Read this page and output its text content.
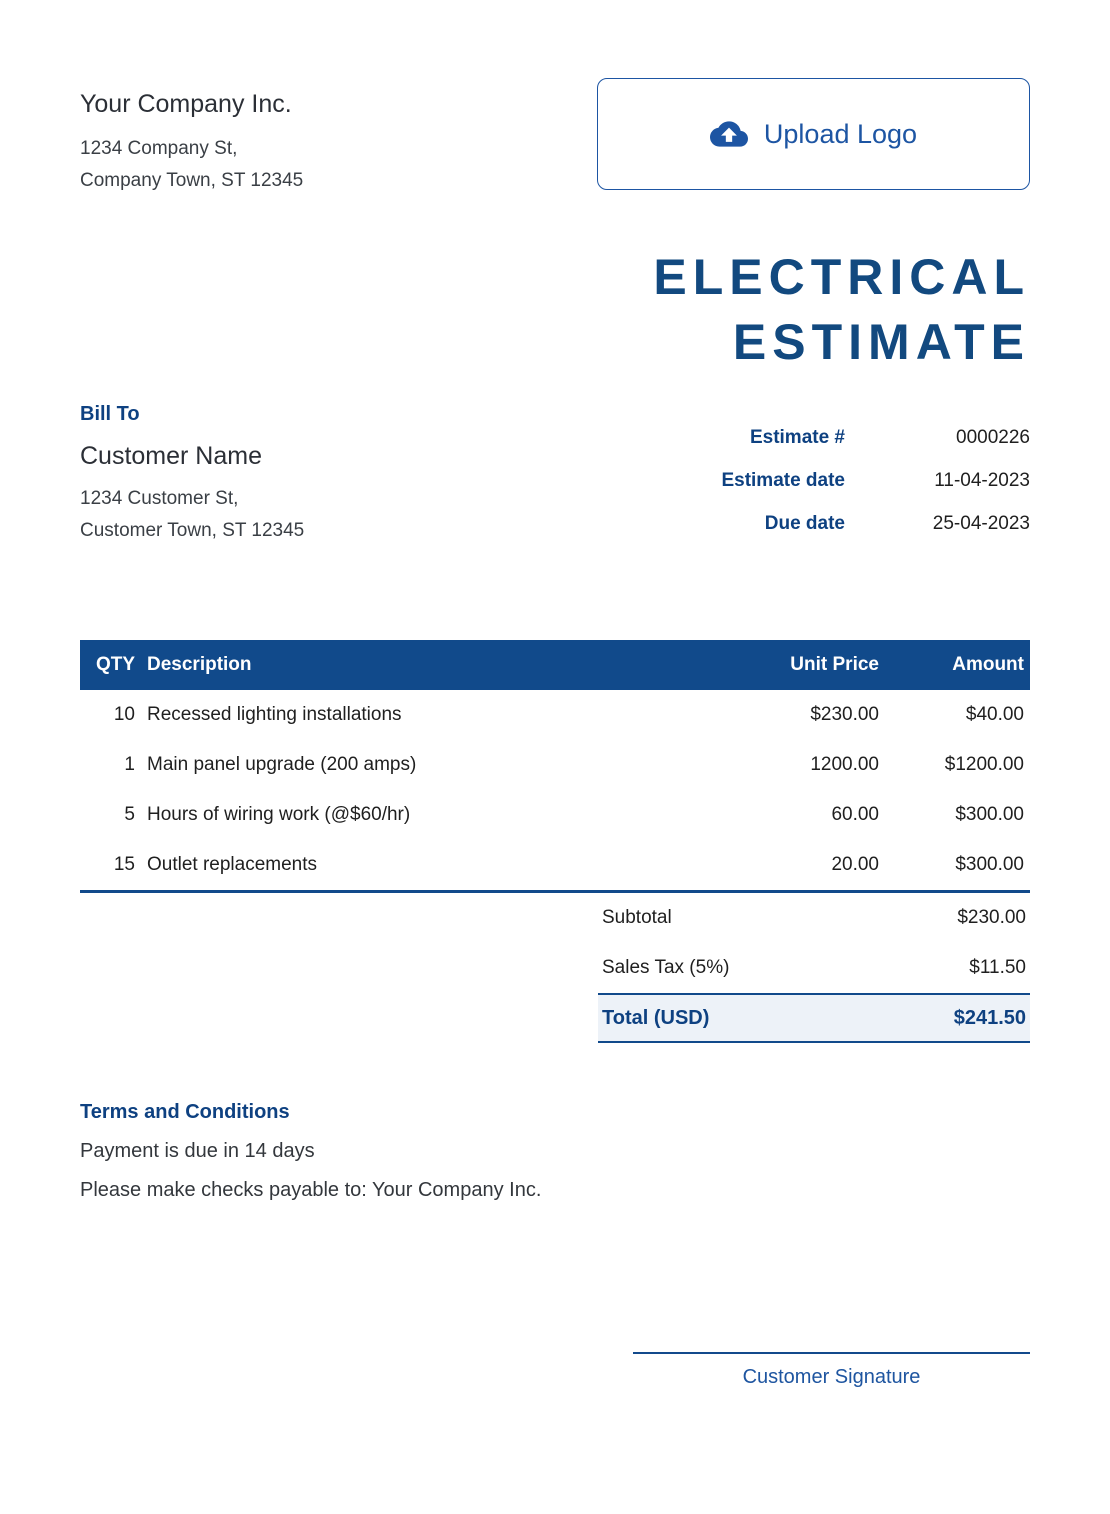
Your Company Inc.
1234 Company St,
Company Town, ST 12345
Upload Logo
ELECTRICAL
ESTIMATE
Bill To
Customer Name
1234 Customer St,
Customer Town, ST 12345
Estimate #	0000226
Estimate date	11-04-2023
Due date	25-04-2023
QTY Description	Unit Price	Amount
10 Recessed lighting installations	$230.00	$40.00
1 Main panel upgrade (200 amps)	1200.00	$1200.00
5 Hours of wiring work (@$60/hr)	60.00	$300.00
15 Outlet replacements	20.00	$300.00
Subtotal	$230.00
Sales Tax (5%)	$11.50
Total (USD)	$241.50
Terms and Conditions
Payment is due in 14 days
Please make checks payable to: Your Company Inc.
Customer Signature
